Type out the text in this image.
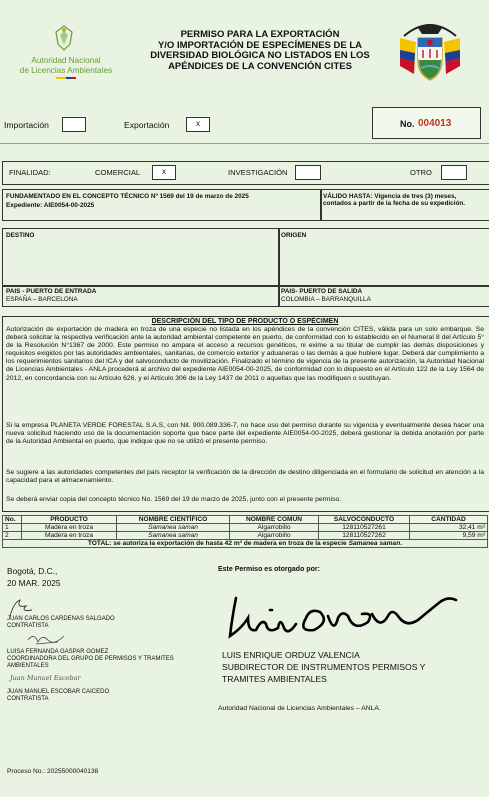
Autoridad Nacional
de Licencias Ambientales
PERMISO PARA LA EXPORTACIÓN
Y/O IMPORTACIÓN DE ESPECÍMENES DE LA
DIVERSIDAD BIOLÓGICA NO LISTADOS EN LOS
APÉNDICES DE LA CONVENCIÓN CITES
Importación	Exportación	x	No. 004013
FINALIDAD:	COMERCIAL	x	INVESTIGACIÓN	OTRO
FUNDAMENTADO EN EL CONCEPTO TÉCNICO Nº 1569 del 19 de marzo de 2025
Expediente: AIE0054-00-2025
VÁLIDO HASTA: Vigencia de tres (3) meses, contados a partir de la fecha de su expedición.
DESTINO	ORIGEN
PAIS - PUERTO DE ENTRADA
ESPAÑA – BARCELONA
PAIS- PUERTO DE SALIDA
COLOMBIA – BARRANQUILLA
DESCRIPCIÓN DEL TIPO DE PRODUCTO O ESPÉCIMEN

Autorización de exportación de madera en troza de una especie no listada en los apéndices de la convención CITES, válida para un solo embarque. Se deberá solicitar la respectiva verificación ante la autoridad ambiental competente en puerto, de conformidad con lo establecido en el Numeral 8 del Artículo 5° de la Resolución N°1367 de 2000. Este permiso no ampara el acceso a recursos genéticos, ni exime a su titular de cumplir las demás disposiciones y requisitos exigidos por las autoridades ambientales, sanitarias, de comercio exterior y aduaneras o las demás a que hubiere lugar. Deberá dar cumplimiento a los requerimientos sanitarios del ICA y del salvoconducto de movilización. Finalizado el término de vigencia de la presente autorización, la Autoridad Nacional de Licencias Ambientales - ANLA procederá al archivo del expediente AIE0054-00-2025, de conformidad con lo dispuesto en el Artículo 122 de la Ley 1564 de 2012, en concordancia con su Artículo 626, y el Artículo 306 de la Ley 1437 de 2011 o aquellas que las modifiquen o sustituyan.

Si la empresa PLANETA VERDE FORESTAL S.A.S, con Nit. 900.089.336-7, no hace uso del permiso durante su vigencia y eventualmente desea hacer una nueva solicitud haciendo uso de la documentación soporte que hace parte del expediente AIE0054-00-2025, deberá gestionar la debida anotación por parte de la Autoridad Ambiental en puerto, que indique que no se utilizó el presente permiso.

Se sugiere a las autoridades competentes del país receptor la verificación de la dirección de destino diligenciada en el formulario de solicitud en atención a la capacidad para el almacenamiento.

Se deberá enviar copia del concepto técnico No. 1569 del 19 de marzo de 2025, junto con el presente permiso.

No.	PRODUCTO	NOMBRE CIENTÍFICO	NOMBRE COMÚN	SALVOCONDUCTO	CANTIDAD
1	Madera en troza	Samanea saman	Algarrobillo	128110527261	32,41 m³
2	Madera en troza	Samanea saman	Algarrobillo	128110527262	9,59 m³
TOTAL: se autoriza la exportación de hasta 42 m³ de madera en troza de la especie Samanea saman.					
Bogotá, D.C.,
20 MAR. 2025
Este Permiso es otorgado por:
JUAN CARLOS CARDENAS SALGADO
CONTRATISTA
LUISA FERNANDA GASPAR GOMEZ
COORDINADORA DEL GRUPO DE PERMISOS Y TRAMITES AMBIENTALES
Juan Manuel Escobar
JUAN MANUEL ESCOBAR CAICEDO
CONTRATISTA
LUIS ENRIQUE ORDUZ VALENCIA
SUBDIRECTOR DE INSTRUMENTOS PERMISOS Y
TRAMITES AMBIENTALES
Autoridad Nacional de Licencias Ambientales – ANLA.
Proceso No.: 20255000040138
